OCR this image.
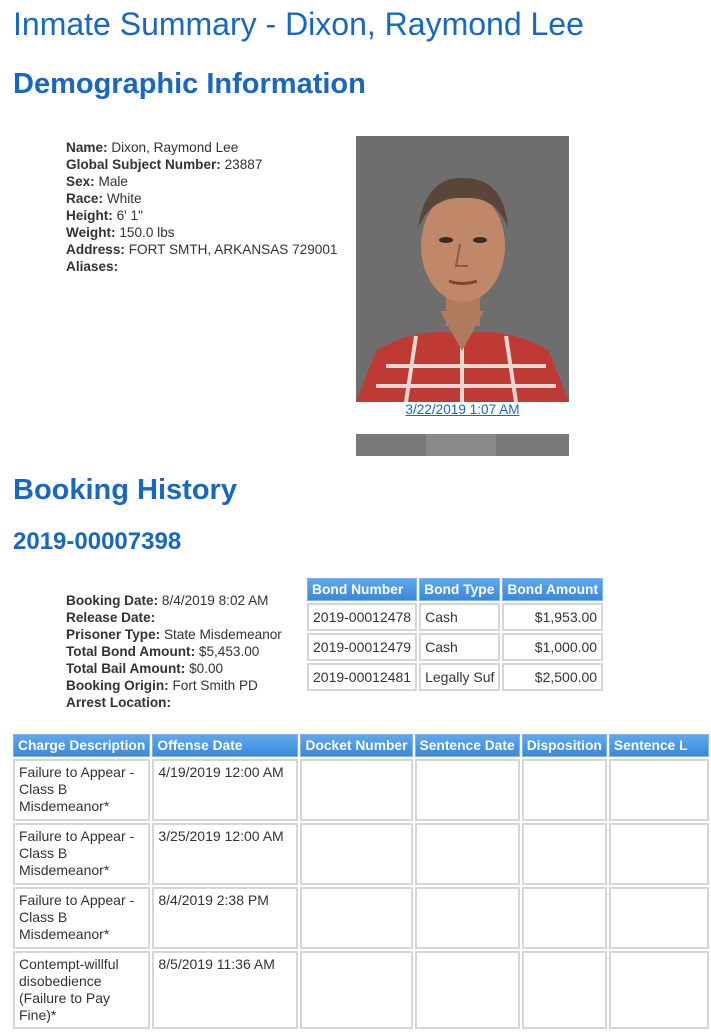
Inmate Summary - Dixon, Raymond Lee
Demographic Information
Name: Dixon, Raymond Lee
Global Subject Number: 23887
Sex: Male
Race: White
Height: 6' 1"
Weight: 150.0 lbs
Address: FORT SMTH, ARKANSAS 729001
Aliases:
3/22/2019 1:07 AM
Booking History
2019-00007398
Booking Date: 8/4/2019 8:02 AM
Release Date:
Prisoner Type: State Misdemeanor
Total Bond Amount: $5,453.00
Total Bail Amount: $0.00
Booking Origin: Fort Smith PD
Arrest Location:
Bond Number	Bond Type	Bond Amount
2019-00012478	Cash	$1,953.00
2019-00012479	Cash	$1,000.00
2019-00012481	Legally Suf	$2,500.00
Charge Description	Offense Date	Docket Number	Sentence Date	Disposition	Sentence L
Failure to Appear - Class B Misdemeanor*	4/19/2019 12:00 AM				
Failure to Appear - Class B Misdemeanor*	3/25/2019 12:00 AM				
Failure to Appear - Class B Misdemeanor*	8/4/2019 2:38 PM				
Contempt-willful disobedience (Failure to Pay Fine)*	8/5/2019 11:36 AM				
